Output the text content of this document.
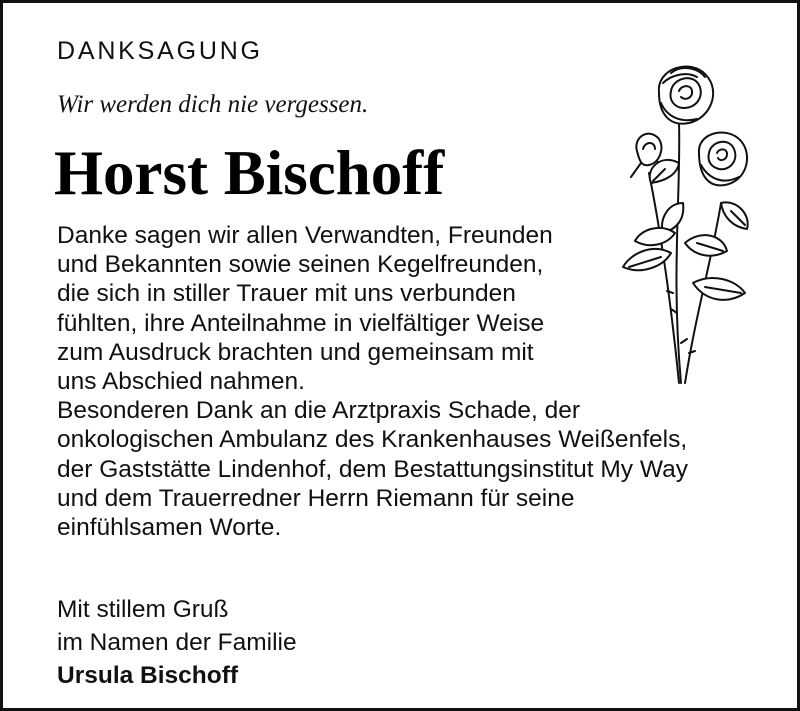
DANKSAGUNG

Wir werden dich nie vergessen.

Horst Bischoff
Danke sagen wir allen Verwandten, Freunden
und Bekannten sowie seinen Kegelfreunden,
die sich in stiller Trauer mit uns verbunden
fühlten, ihre Anteilnahme in vielfältiger Weise
zum Ausdruck brachten und gemeinsam mit
uns Abschied nahmen.
Besonderen Dank an die Arztpraxis Schade, der
onkologischen Ambulanz des Krankenhauses Weißenfels,
der Gaststätte Lindenhof, dem Bestattungsinstitut My Way
und dem Trauerredner Herrn Riemann für seine
einfühlsamen Worte.
Mit stillem Gruß
im Namen der Familie
Ursula Bischoff
